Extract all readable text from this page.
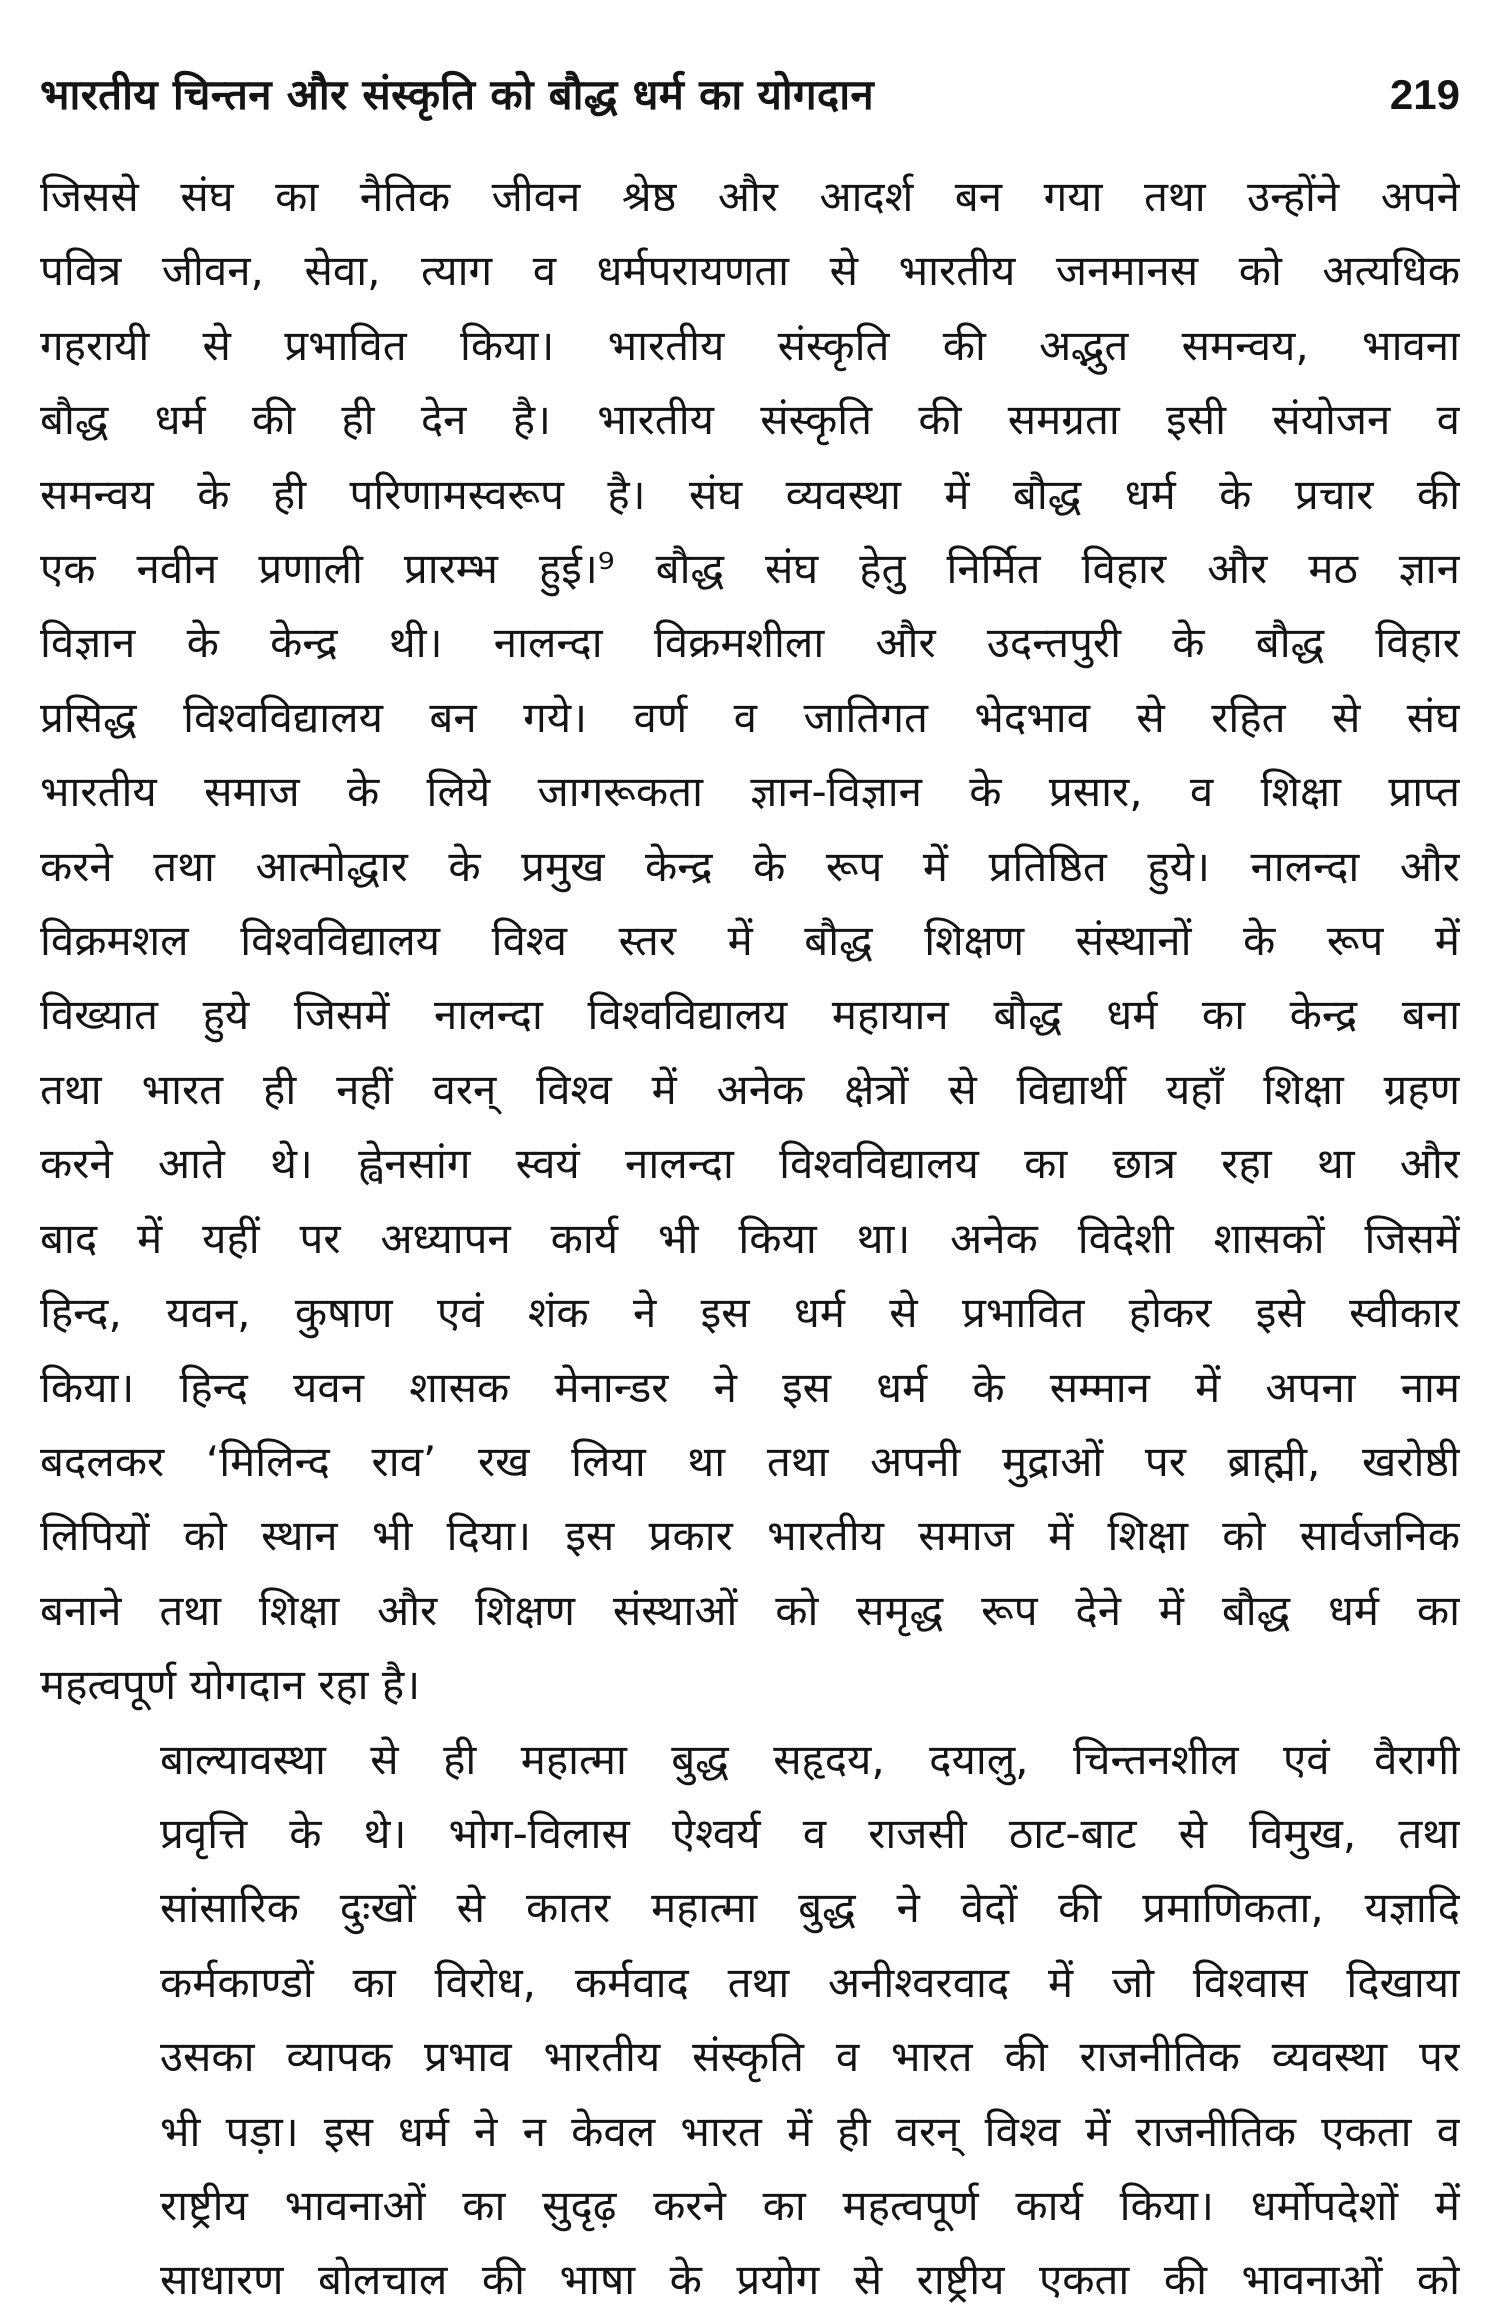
भारतीय चिन्तन और संस्कृति को बौद्ध धर्म का योगदान	219
जिससे संघ का नैतिक जीवन श्रेष्ठ और आदर्श बन गया तथा उन्होंने अपने
पवित्र जीवन, सेवा, त्याग व धर्मपरायणता से भारतीय जनमानस को अत्यधिक
गहरायी से प्रभावित किया। भारतीय संस्कृति की अद्भुत समन्वय, भावना
बौद्ध धर्म की ही देन है। भारतीय संस्कृति की समग्रता इसी संयोजन व
समन्वय के ही परिणामस्वरूप है। संघ व्यवस्था में बौद्ध धर्म के प्रचार की
एक नवीन प्रणाली प्रारम्भ हुई।⁹ बौद्ध संघ हेतु निर्मित विहार और मठ ज्ञान
विज्ञान के केन्द्र थी। नालन्दा विक्रमशीला और उदन्तपुरी के बौद्ध विहार
प्रसिद्ध विश्वविद्यालय बन गये। वर्ण व जातिगत भेदभाव से रहित से संघ
भारतीय समाज के लिये जागरूकता ज्ञान-विज्ञान के प्रसार, व शिक्षा प्राप्त
करने तथा आत्मोद्धार के प्रमुख केन्द्र के रूप में प्रतिष्ठित हुये। नालन्दा और
विक्रमशल विश्वविद्यालय विश्व स्तर में बौद्ध शिक्षण संस्थानों के रूप में
विख्यात हुये जिसमें नालन्दा विश्वविद्यालय महायान बौद्ध धर्म का केन्द्र बना
तथा भारत ही नहीं वरन् विश्व में अनेक क्षेत्रों से विद्यार्थी यहाँ शिक्षा ग्रहण
करने आते थे। ह्वेनसांग स्वयं नालन्दा विश्वविद्यालय का छात्र रहा था और
बाद में यहीं पर अध्यापन कार्य भी किया था। अनेक विदेशी शासकों जिसमें
हिन्द, यवन, कुषाण एवं शंक ने इस धर्म से प्रभावित होकर इसे स्वीकार
किया। हिन्द यवन शासक मेनान्डर ने इस धर्म के सम्मान में अपना नाम
बदलकर ‘मिलिन्द राव’ रख लिया था तथा अपनी मुद्राओं पर ब्राह्मी, खरोष्ठी
लिपियों को स्थान भी दिया। इस प्रकार भारतीय समाज में शिक्षा को सार्वजनिक
बनाने तथा शिक्षा और शिक्षण संस्थाओं को समृद्ध रूप देने में बौद्ध धर्म का
महत्वपूर्ण योगदान रहा है।
बाल्यावस्था से ही महात्मा बुद्ध सहृदय, दयालु, चिन्तनशील एवं वैरागी
प्रवृत्ति के थे। भोग-विलास ऐश्वर्य व राजसी ठाट-बाट से विमुख, तथा
सांसारिक दुःखों से कातर महात्मा बुद्ध ने वेदों की प्रमाणिकता, यज्ञादि
कर्मकाण्डों का विरोध, कर्मवाद तथा अनीश्वरवाद में जो विश्वास दिखाया
उसका व्यापक प्रभाव भारतीय संस्कृति व भारत की राजनीतिक व्यवस्था पर
भी पड़ा। इस धर्म ने न केवल भारत में ही वरन् विश्व में राजनीतिक एकता व
राष्ट्रीय भावनाओं का सुदृढ़ करने का महत्वपूर्ण कार्य किया। धर्मोपदेशों में
साधारण बोलचाल की भाषा के प्रयोग से राष्ट्रीय एकता की भावनाओं को
